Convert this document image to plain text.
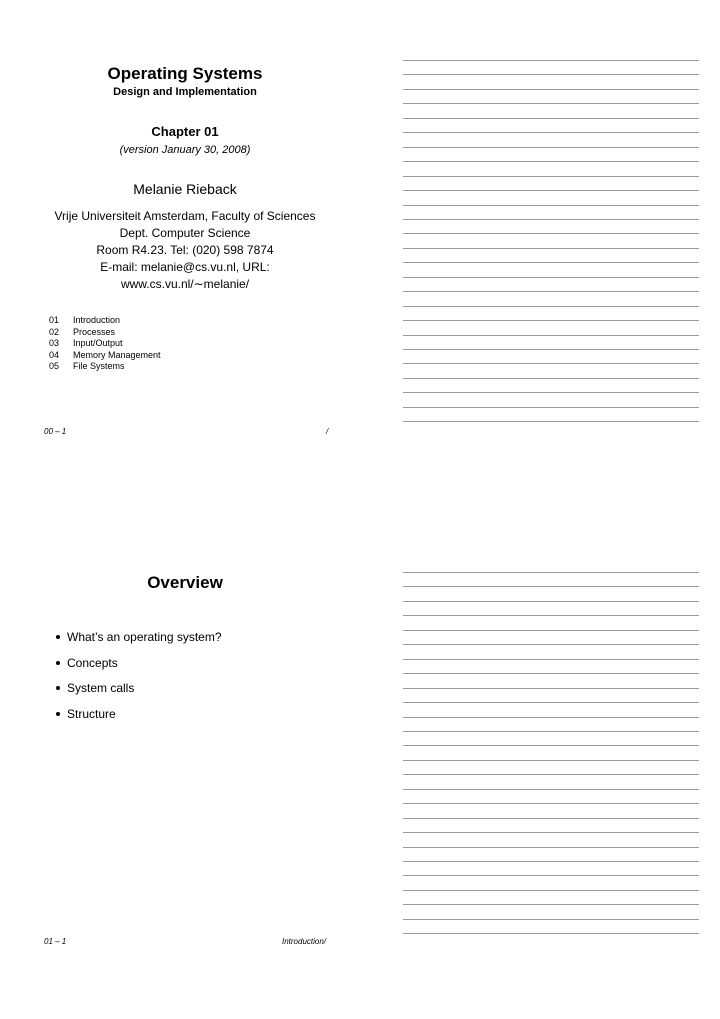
Operating Systems
Design and Implementation
Chapter 01
(version January 30, 2008)
Melanie Rieback
Vrije Universiteit Amsterdam, Faculty of Sciences
Dept. Computer Science
Room R4.23. Tel: (020) 598 7874
E-mail: melanie@cs.vu.nl, URL:
www.cs.vu.nl/∼melanie/
01	Introduction
02	Processes
03	Input/Output
04	Memory Management
05	File Systems
00 – 1	/
Overview
What’s an operating system?
Concepts
System calls
Structure
01 – 1	Introduction/
